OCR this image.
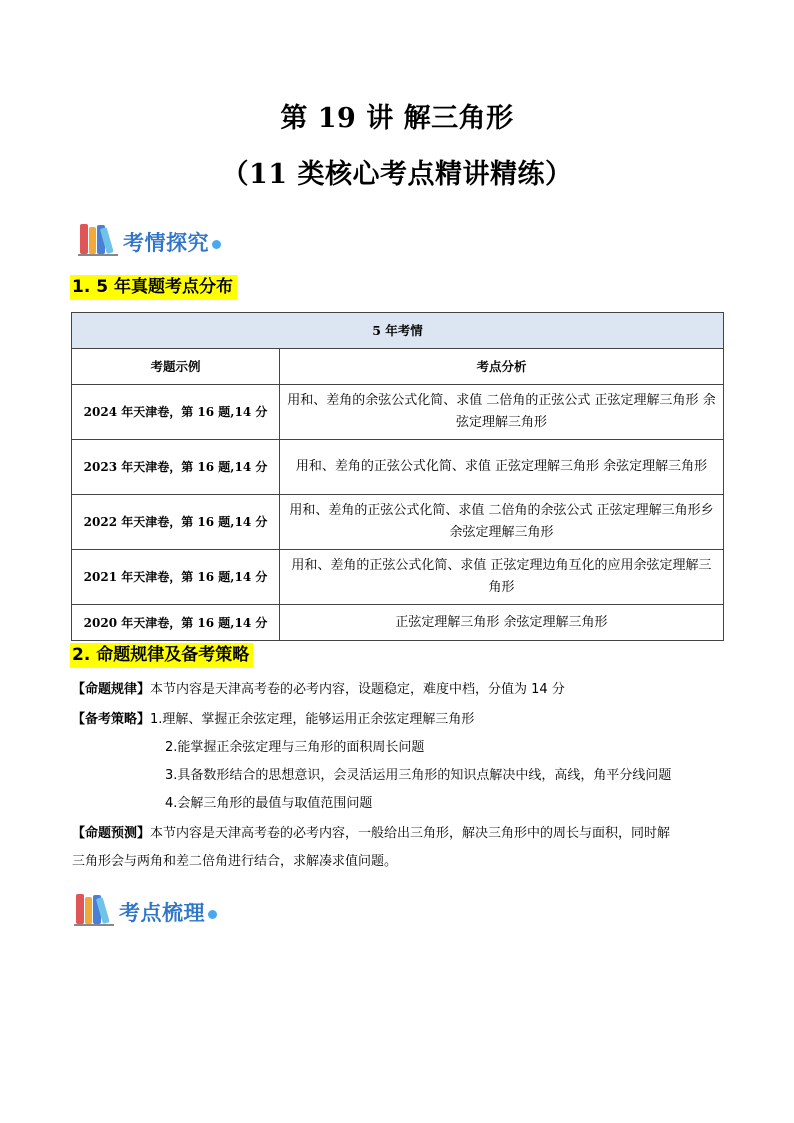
第 19 讲 解三角形
（11 类核心考点精讲精练）
考情探究
1. 5 年真题考点分布
5 年考情	
考题示例	考点分析
2024 年天津卷，第 16 题,14 分	用和、差角的余弦公式化简、求值 二倍角的正弦公式 正弦定理解三角形 余弦定理解三角形
2023 年天津卷，第 16 题,14 分	用和、差角的正弦公式化简、求值 正弦定理解三角形 余弦定理解三角形
2022 年天津卷，第 16 题,14 分	用和、差角的正弦公式化简、求值 二倍角的余弦公式 正弦定理解三角形乡余弦定理解三角形
2021 年天津卷，第 16 题,14 分	用和、差角的正弦公式化简、求值 正弦定理边角互化的应用余弦定理解三角形
2020 年天津卷，第 16 题,14 分	正弦定理解三角形 余弦定理解三角形
2. 命题规律及备考策略
【命题规律】本节内容是天津高考卷的必考内容，设题稳定，难度中档，分值为 14 分
【备考策略】1.理解、掌握正余弦定理，能够运用正余弦定理解三角形
2.能掌握正余弦定理与三角形的面积周长问题
3.具备数形结合的思想意识，会灵活运用三角形的知识点解决中线，高线，角平分线问题
4.会解三角形的最值与取值范围问题
【命题预测】本节内容是天津高考卷的必考内容，一般给出三角形，解决三角形中的周长与面积，同时解
三角形会与两角和差二倍角进行结合，求解凑求值问题。
考点梳理
